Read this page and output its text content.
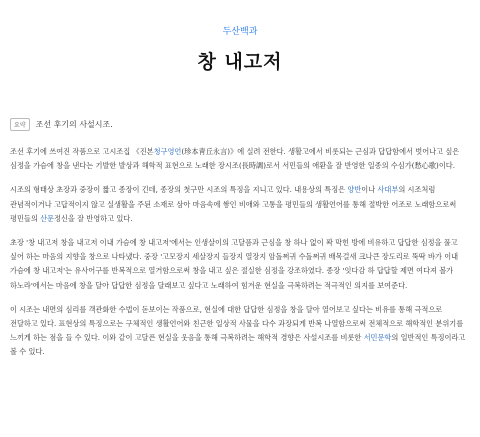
두산백과
창 내고저
요약	조선 후기의 사설시조.

조선 후기에 쓰여진 작품으로 고시조집 《진본청구영언(珍本靑丘永言)》에 실려 전한다. 생활고에서 비롯되는 근심과 답답함에서 벗어나고 싶은 심정을 가슴에 창을 낸다는 기발한 발상과 해학적 표현으로 노래한 장시조(長時調)로서 서민들의 애환을 잘 반영한 일종의 수심가(愁心歌)이다.

시조의 형태상 초장과 중장이 짧고 종장이 긴데, 종장의 첫구만 시조의 특징을 지니고 있다. 내용상의 특징은 양반이나 사대부의 시조처럼 관념적이거나 고답적이지 않고 실생활을 주된 소재로 삼아 마음속에 쌓인 비애와 고통을 평민들의 생활언어를 통해 절박한 어조로 노래함으로써 평민들의 산문정신을 잘 반영하고 있다.

초장 '창 내고저 창을 내고저 이내 가슴에 창 내고저'에서는 인생살이의 고달픔과 근심을 창 하나 없이 꽉 막힌 방에 비유하고 답답한 심정을 풀고 싶어 하는 마음의 지향을 창으로 나타냈다. 중장 '고모장지 세살장지 들장지 열장지 암돌쩌귀 수돌쩌귀 배목걸새 크나큰 장도리로 뚝딱 바가 이내 가슴에 창 내고저'는 유사어구를 반복적으로 열거함으로써 창을 내고 싶은 절실한 심정을 강조하였다. 종장 '잇다감 하 답답할 제면 여다져 볼가 하노라'에서는 마음에 창을 달아 답답한 심정을 달래보고 싶다고 노래하여 힘겨운 현실을 극복하려는 적극적인 의지를 보여준다.

이 시조는 내면의 심리를 객관화한 수법이 돋보이는 작품으로, 현실에 대한 답답한 심정을 창을 달아 열어보고 싶다는 비유를 통해 극적으로 전달하고 있다. 표현상의 특징으로는 구체적인 생활언어와 친근한 일상적 사물을 다수 과장되게 반복 나열함으로써 전체적으로 해학적인 분위기를 느끼게 하는 점을 들 수 있다. 이와 같이 고달픈 현실을 웃음을 통해 극복하려는 해학적 경향은 사설시조를 비롯한 서민문학의 일반적인 특징이라고 볼 수 있다.
